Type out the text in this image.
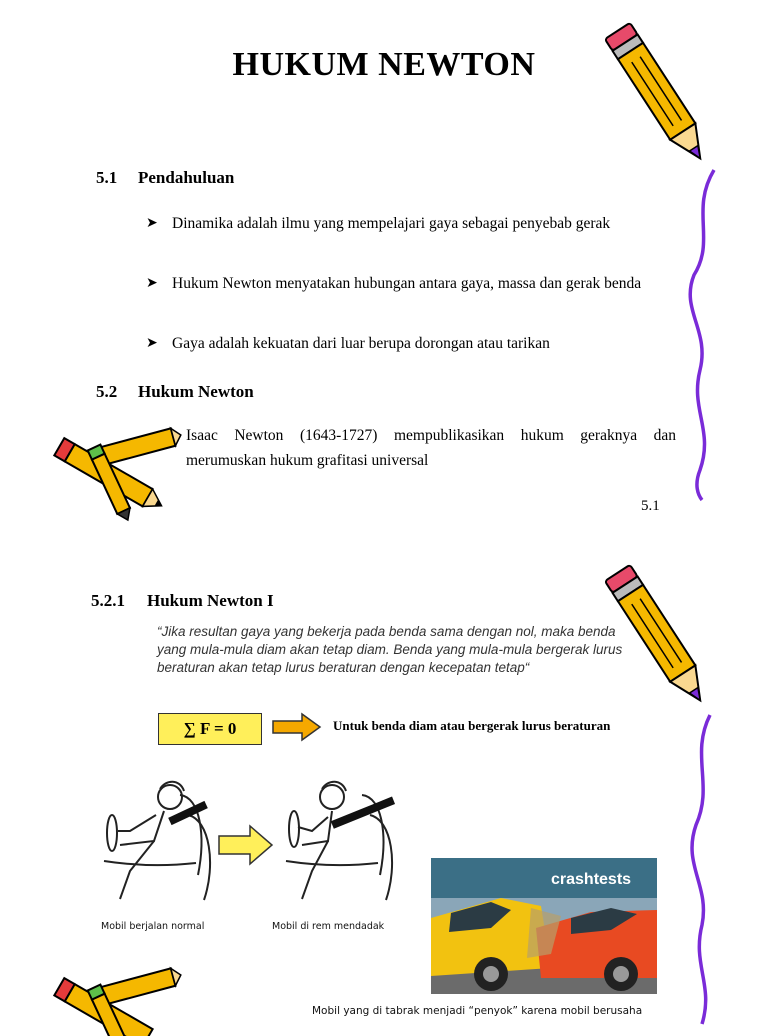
HUKUM NEWTON
5.1 Pendahuluan
➤ Dinamika adalah ilmu yang mempelajari gaya sebagai penyebab gerak
➤ Hukum Newton menyatakan hubungan antara gaya, massa dan gerak benda
➤ Gaya adalah kekuatan dari luar berupa dorongan atau tarikan
5.2 Hukum Newton
Isaac Newton (1643-1727) mempublikasikan hukum geraknya dan merumuskan hukum grafitasi universal
5.1
5.2.1 Hukum Newton I
“Jika resultan gaya yang bekerja pada benda sama dengan nol, maka benda yang mula-mula diam akan tetap diam. Benda yang mula-mula bergerak lurus beraturan akan tetap lurus beraturan dengan kecepatan tetap“
∑ F = 0	Untuk benda diam atau bergerak lurus beraturan
Mobil berjalan normal	Mobil di rem mendadak
crashtests
Mobil yang di tabrak menjadi “penyok” karena mobil berusaha
